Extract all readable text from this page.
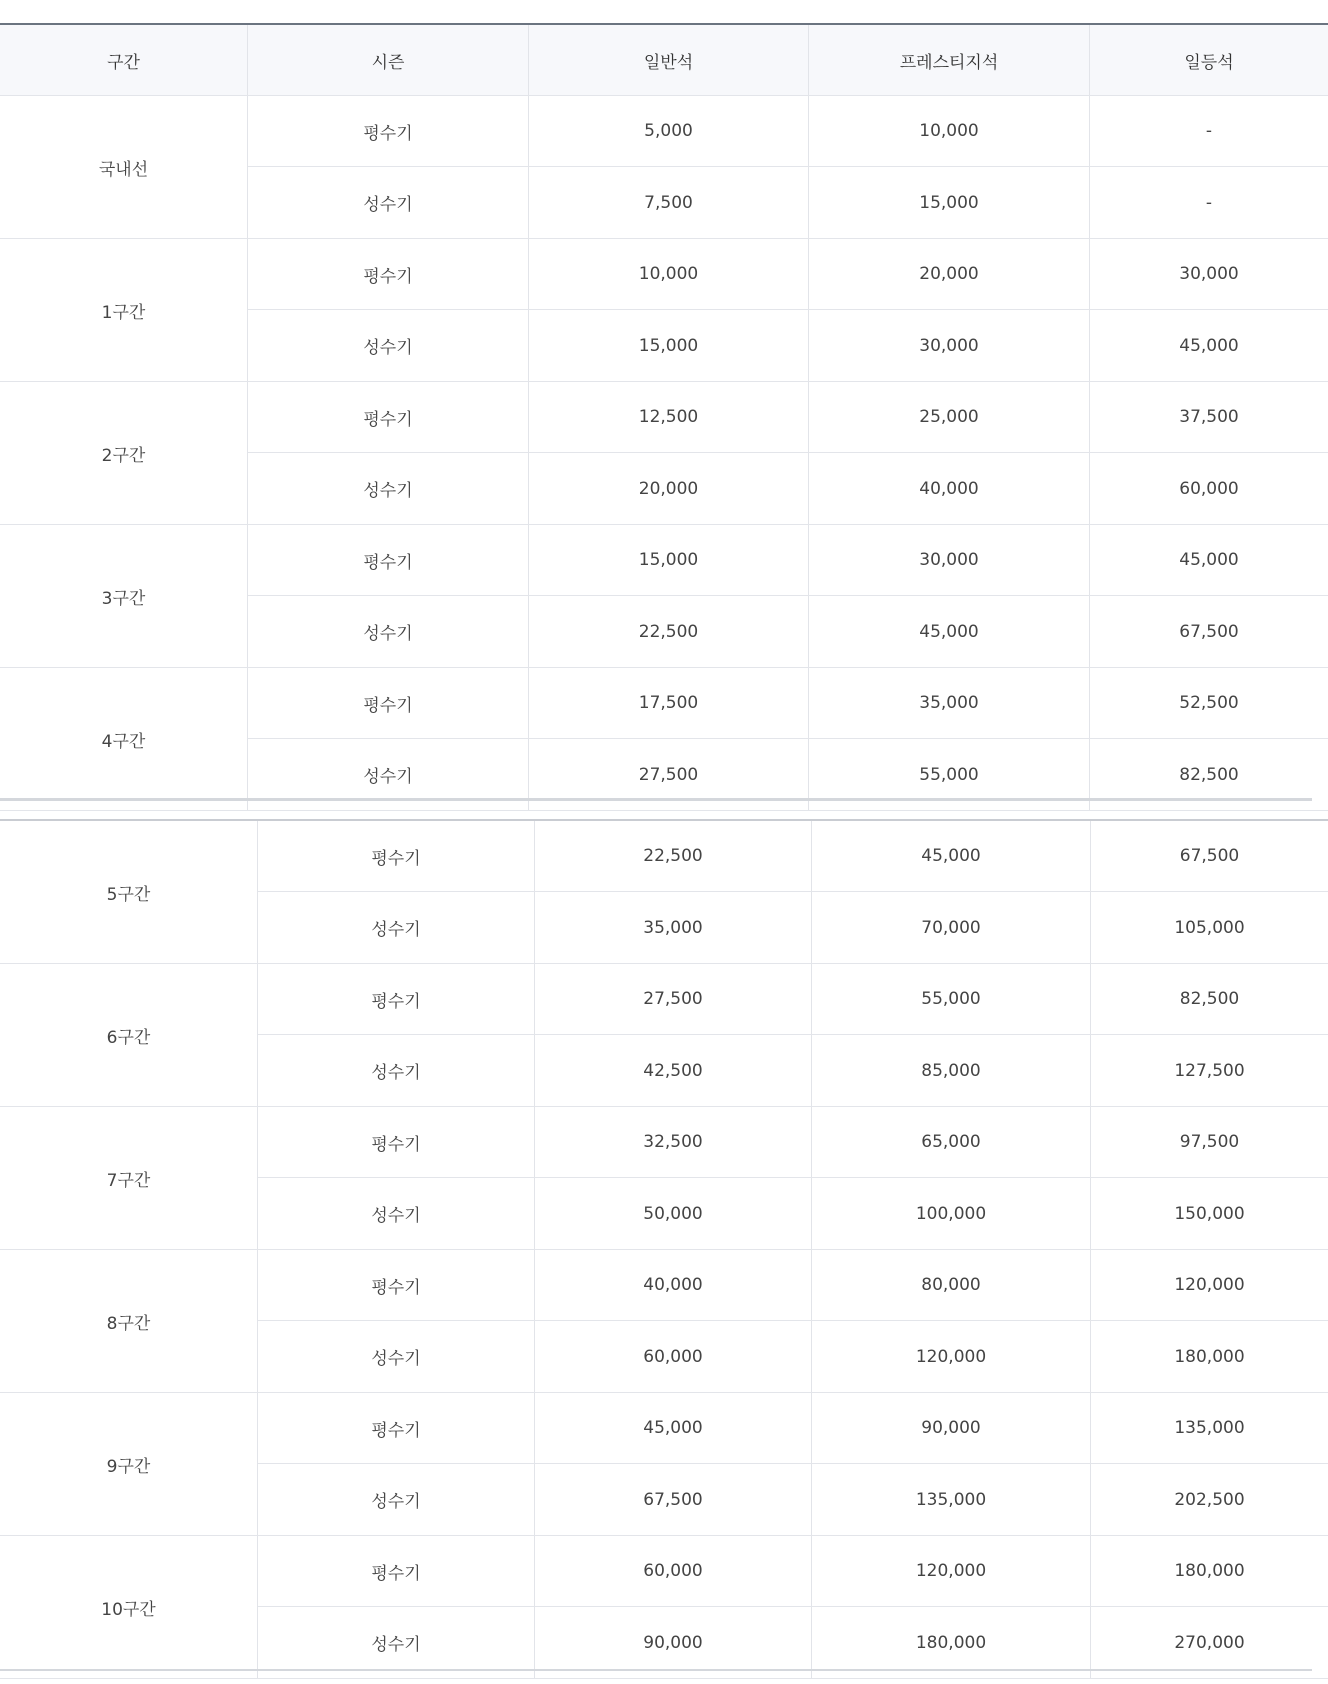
구간	시즌	일반석	프레스티지석	일등석
국내선
평수기	5,000	10,000	-
성수기	7,500	15,000	-
1구간
평수기	10,000	20,000	30,000
성수기	15,000	30,000	45,000
2구간
평수기	12,500	25,000	37,500
성수기	20,000	40,000	60,000
3구간
평수기	15,000	30,000	45,000
성수기	22,500	45,000	67,500
4구간
평수기	17,500	35,000	52,500
성수기	27,500	55,000	82,500
5구간
평수기	22,500	45,000	67,500
성수기	35,000	70,000	105,000
6구간
평수기	27,500	55,000	82,500
성수기	42,500	85,000	127,500
7구간
평수기	32,500	65,000	97,500
성수기	50,000	100,000	150,000
8구간
평수기	40,000	80,000	120,000
성수기	60,000	120,000	180,000
9구간
평수기	45,000	90,000	135,000
성수기	67,500	135,000	202,500
10구간
평수기	60,000	120,000	180,000
성수기	90,000	180,000	270,000
